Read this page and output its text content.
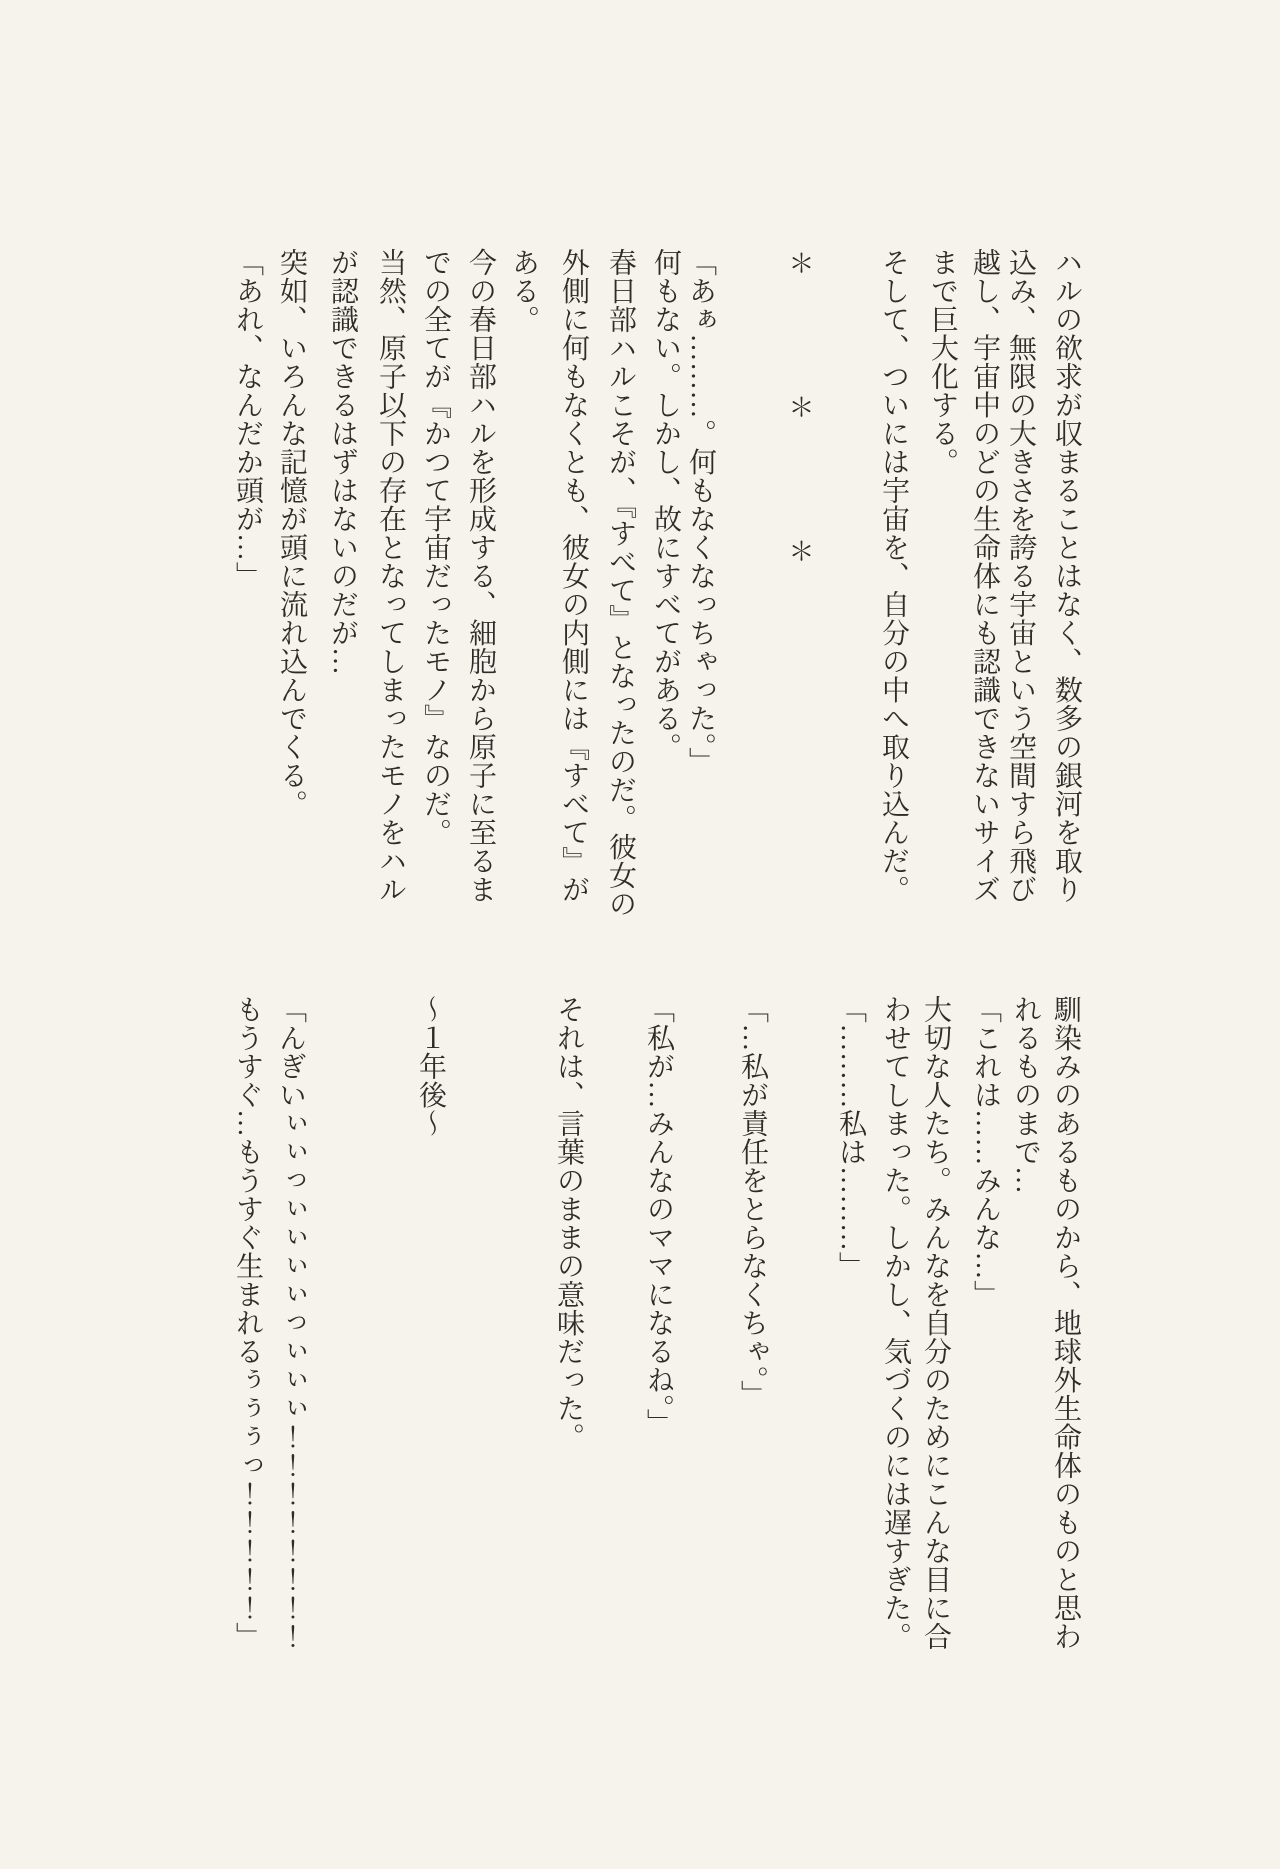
ハルの欲求が収まることはなく、数多の銀河を取り
込み、無限の大きさを誇る宇宙という空間すら飛び
越し、宇宙中のどの生命体にも認識できないサイズ
まで巨大化する。
そして、ついには宇宙を、自分の中へ取り込んだ。
＊＊＊
「あぁ………。何もなくなっちゃった。」
何もない。しかし、故にすべてがある。
春日部ハルこそが、『すべて』となったのだ。彼女の
外側に何もなくとも、彼女の内側には『すべて』が
ある。
今の春日部ハルを形成する、細胞から原子に至るま
での全てが『かつて宇宙だったモノ』なのだ。
当然、原子以下の存在となってしまったモノをハル
が認識できるはずはないのだが…
突如、いろんな記憶が頭に流れ込んでくる。
「あれ、なんだか頭が…」
馴染みのあるものから、地球外生命体のものと思わ
れるものまで…
「これは……みんな…」
大切な人たち。みんなを自分のためにこんな目に合
わせてしまった。しかし、気づくのには遅すぎた。
「………私は………」
「…私が責任をとらなくちゃ。」
「私が…みんなのママになるね。」
それは、言葉のままの意味だった。
～１年後～
「んぎいぃぃっぃぃぃぃっぃぃぃ！！！！！！！！
もうすぐ…もうすぐ生まれるぅぅぅっ！！！！！」
